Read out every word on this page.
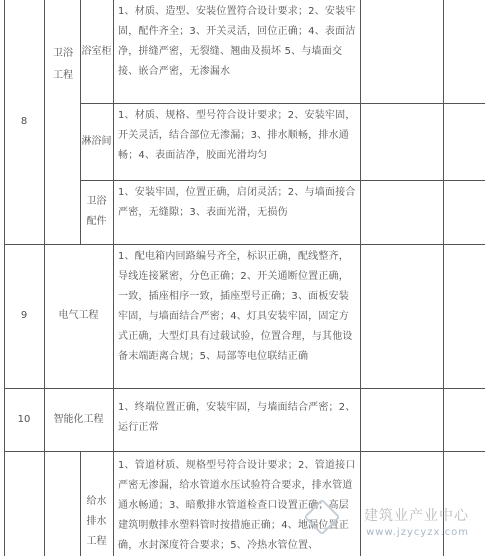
8
卫浴工程
浴室柜
1、材质、造型、安装位置符合设计要求；2、安装牢固，配件齐全；3、开关灵活，回位正确；4、表面洁净，拼缝严密，无裂缝、翘曲及损坏 5、与墙面交接、嵌合严密，无渗漏水
淋浴间
1、材质、规格、型号符合设计要求；2、安装牢固，开关灵活，结合部位无渗漏；3、排水顺畅，排水通畅；4、表面洁净，胶面光滑均匀
卫浴配件
1、安装牢固，位置正确，启闭灵活；2、与墙面接合严密，无缝隙；3、表面光滑，无损伤
9	电气工程
1、配电箱内回路编号齐全，标识正确，配线整齐，导线连接紧密，分色正确；2、开关通断位置正确，一致，插座相序一致，插座型号正确；3、面板安装牢固，与墙面结合严密；4、灯具安装牢固，固定方式正确，大型灯具有过载试验，位置合理，与其他设备末端距离合规；5、局部等电位联结正确
10	智能化工程
1、终端位置正确，安装牢固，与墙面结合严密；2、运行正常
给水排水工程
1、管道材质、规格型号符合设计要求；2、管道接口严密无渗漏，给水管道水压试验符合要求，排水管道通水畅通；3、暗敷排水管道检查口设置正确；高层建筑明敷排水塑料管时按措施正确；4、地漏位置正确，水封深度符合要求；5、冷热水管位置、
建筑业产业中心
www.jzycyzx.com
